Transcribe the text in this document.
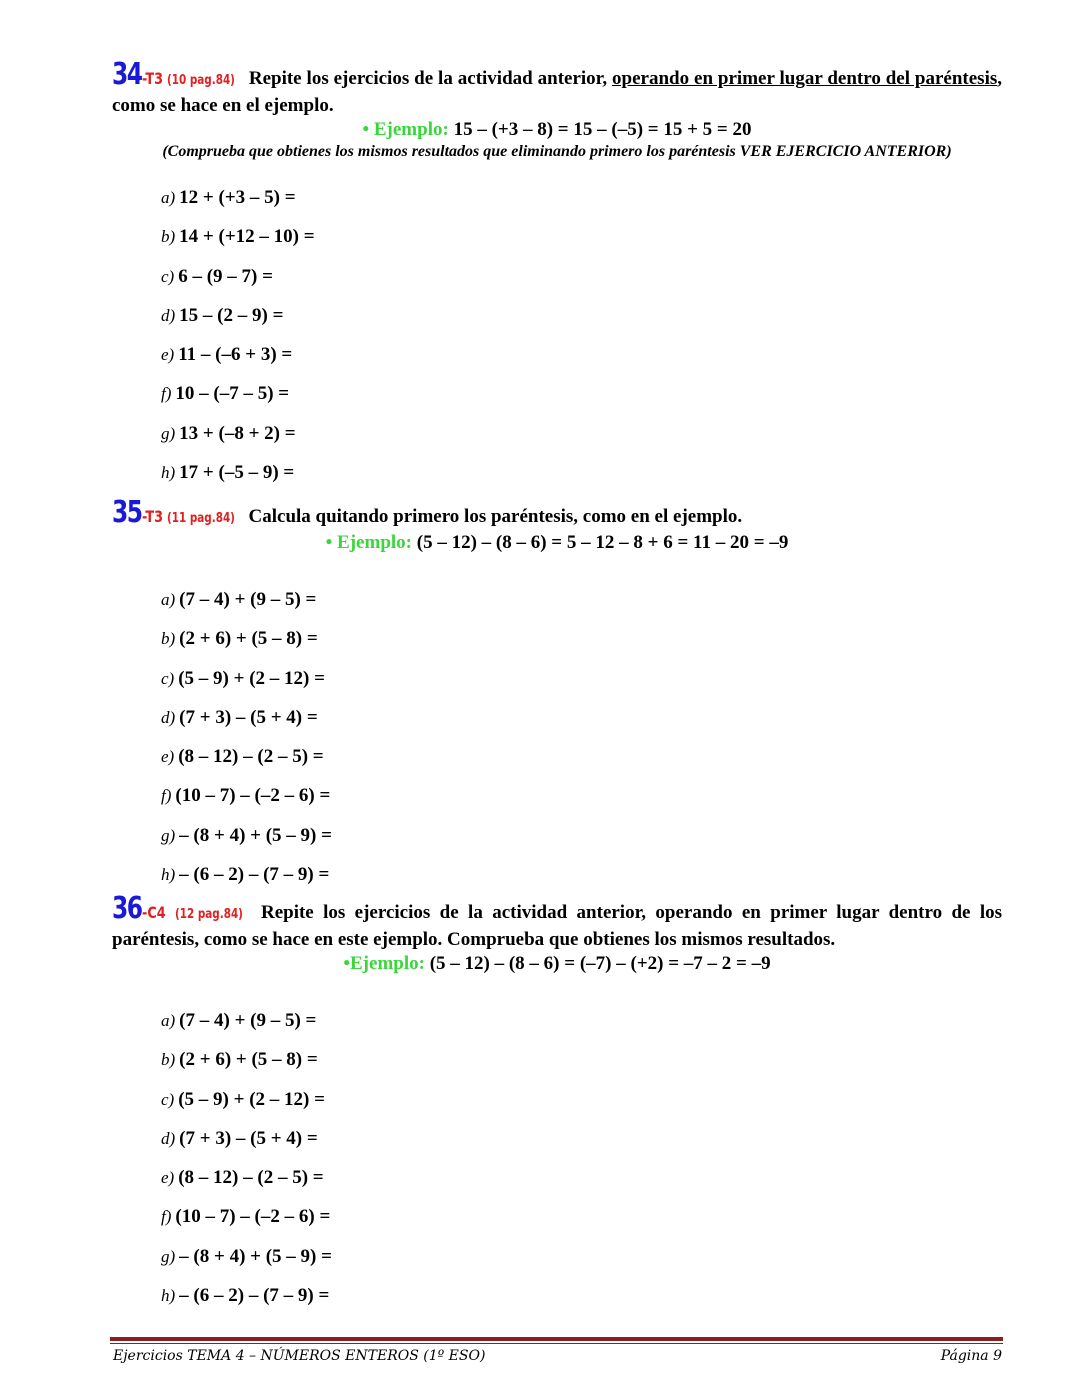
34-T3 (10 pag.84) Repite los ejercicios de la actividad anterior, operando en primer lugar dentro del paréntesis, como se hace en el ejemplo.
• Ejemplo: 15 – (+3 – 8) = 15 – (–5) = 15 + 5 = 20
(Comprueba que obtienes los mismos resultados que eliminando primero los paréntesis VER EJERCICIO ANTERIOR)
a) 12 + (+3 – 5) =
b) 14 + (+12 – 10) =
c) 6 – (9 – 7) =
d) 15 – (2 – 9) =
e) 11 – (–6 + 3) =
f) 10 – (–7 – 5) =
g) 13 + (–8 + 2) =
h) 17 + (–5 – 9) =
35-T3 (11 pag.84) Calcula quitando primero los paréntesis, como en el ejemplo.
• Ejemplo: (5 – 12) – (8 – 6) = 5 – 12 – 8 + 6 = 11 – 20 = –9
a) (7 – 4) + (9 – 5) =
b) (2 + 6) + (5 – 8) =
c) (5 – 9) + (2 – 12) =
d) (7 + 3) – (5 + 4) =
e) (8 – 12) – (2 – 5) =
f) (10 – 7) – (–2 – 6) =
g) – (8 + 4) + (5 – 9) =
h) – (6 – 2) – (7 – 9) =
36-C4 (12 pag.84) Repite los ejercicios de la actividad anterior, operando en primer lugar dentro de los paréntesis, como se hace en este ejemplo. Comprueba que obtienes los mismos resultados.
•Ejemplo: (5 – 12) – (8 – 6) = (–7) – (+2) = –7 – 2 = –9
a) (7 – 4) + (9 – 5) =
b) (2 + 6) + (5 – 8) =
c) (5 – 9) + (2 – 12) =
d) (7 + 3) – (5 + 4) =
e) (8 – 12) – (2 – 5) =
f) (10 – 7) – (–2 – 6) =
g) – (8 + 4) + (5 – 9) =
h) – (6 – 2) – (7 – 9) =
Ejercicios TEMA 4 – NÚMEROS ENTEROS (1º ESO)	Página 9
